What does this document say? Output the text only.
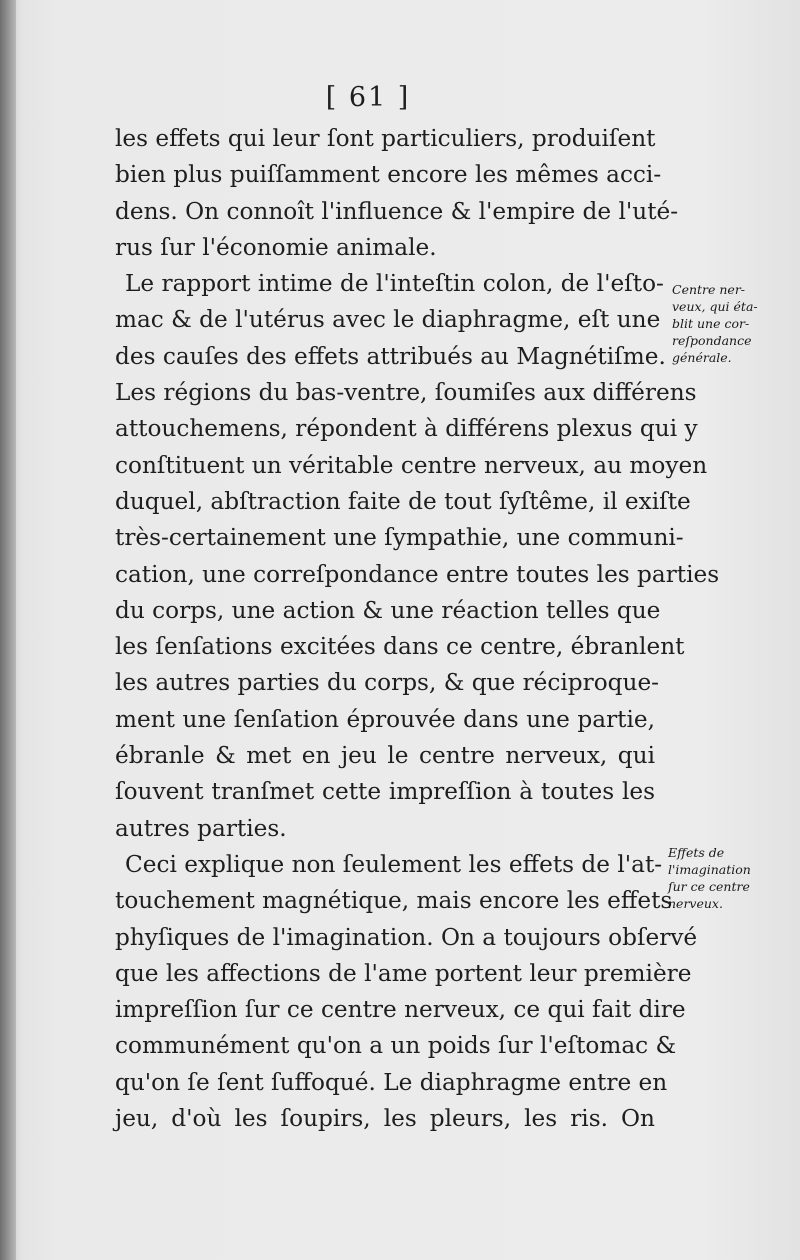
[ 61 ]
les effets qui leur ſont particuliers, produiſent
bien plus puiſſamment encore les mêmes acci-
dens. On connoît l'influence & l'empire de l'uté-
rus ſur l'économie animale.
Le rapport intime de l'inteſtin colon, de l'eſto-
mac & de l'utérus avec le diaphragme, eſt une
des cauſes des effets attribués au Magnétiſme.
Les régions du bas-ventre, ſoumiſes aux différens
attouchemens, répondent à différens plexus qui y
conſtituent un véritable centre nerveux, au moyen
duquel, abſtraction faite de tout ſyſtême, il exiſte
très-certainement une ſympathie, une communi-
cation, une correſpondance entre toutes les parties
du corps, une action & une réaction telles que
les ſenſations excitées dans ce centre, ébranlent
les autres parties du corps, & que réciproque-
ment une ſenſation éprouvée dans une partie,
ébranle & met en jeu le centre nerveux, qui
ſouvent tranſmet cette impreſſion à toutes les
autres parties.
Ceci explique non ſeulement les effets de l'at-
touchement magnétique, mais encore les effets
phyſiques de l'imagination. On a toujours obſervé
que les affections de l'ame portent leur première
impreſſion ſur ce centre nerveux, ce qui fait dire
communément qu'on a un poids ſur l'eſtomac &
qu'on ſe ſent ſuffoqué. Le diaphragme entre en
jeu, d'où les ſoupirs, les pleurs, les ris. On
Centre ner-
veux, qui éta-
blit une cor-
reſpondance
générale.
Effets de
l'imagination
ſur ce centre
nerveux.
